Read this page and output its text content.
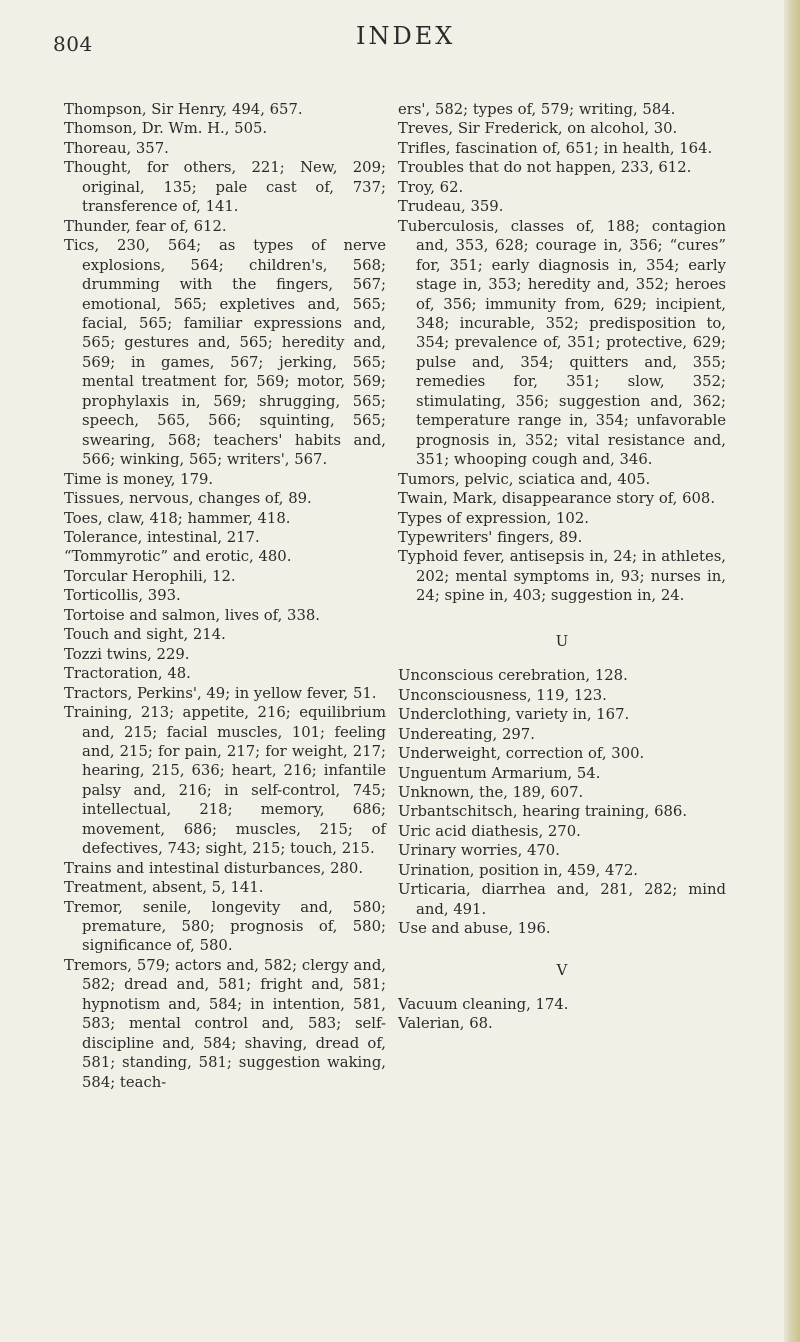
804	INDEX

Thompson, Sir Henry, 494, 657.

Thomson, Dr. Wm. H., 505.

Thoreau, 357.

Thought, for others, 221; New, 209; original, 135; pale cast of, 737; transference of, 141.

Thunder, fear of, 612.

Tics, 230, 564; as types of nerve explosions, 564; children's, 568; drumming with the fingers, 567; emotional, 565; expletives and, 565; facial, 565; familiar expressions and, 565; gestures and, 565; heredity and, 569; in games, 567; jerking, 565; mental treatment for, 569; motor, 569; prophylaxis in, 569; shrugging, 565; speech, 565, 566; squinting, 565; swearing, 568; teachers' habits and, 566; winking, 565; writers', 567.

Time is money, 179.

Tissues, nervous, changes of, 89.

Toes, claw, 418; hammer, 418.

Tolerance, intestinal, 217.

“Tommyrotic” and erotic, 480.

Torcular Herophili, 12.

Torticollis, 393.

Tortoise and salmon, lives of, 338.

Touch and sight, 214.

Tozzi twins, 229.

Tractoration, 48.

Tractors, Perkins', 49; in yellow fever, 51.

Training, 213; appetite, 216; equilibrium and, 215; facial muscles, 101; feeling and, 215; for pain, 217; for weight, 217; hearing, 215, 636; heart, 216; infantile palsy and, 216; in self-control, 745; intellectual, 218; memory, 686; movement, 686; muscles, 215; of defectives, 743; sight, 215; touch, 215.

Trains and intestinal disturbances, 280.

Treatment, absent, 5, 141.

Tremor, senile, longevity and, 580; premature, 580; prognosis of, 580; significance of, 580.

Tremors, 579; actors and, 582; clergy and, 582; dread and, 581; fright and, 581; hypnotism and, 584; in intention, 581, 583; mental control and, 583; self-discipline and, 584; shaving, dread of, 581; standing, 581; suggestion waking, 584; teach-

ers', 582; types of, 579; writing, 584.

Treves, Sir Frederick, on alcohol, 30.

Trifles, fascination of, 651; in health, 164.

Troubles that do not happen, 233, 612.

Troy, 62.

Trudeau, 359.

Tuberculosis, classes of, 188; contagion and, 353, 628; courage in, 356; “cures” for, 351; early diagnosis in, 354; early stage in, 353; heredity and, 352; heroes of, 356; immunity from, 629; incipient, 348; incurable, 352; predisposition to, 354; prevalence of, 351; protective, 629; pulse and, 354; quitters and, 355; remedies for, 351; slow, 352; stimulating, 356; suggestion and, 362; temperature range in, 354; unfavorable prognosis in, 352; vital resistance and, 351; whooping cough and, 346.

Tumors, pelvic, sciatica and, 405.

Twain, Mark, disappearance story of, 608.

Types of expression, 102.

Typewriters' fingers, 89.

Typhoid fever, antisepsis in, 24; in athletes, 202; mental symptoms in, 93; nurses in, 24; spine in, 403; suggestion in, 24.

U

Unconscious cerebration, 128.

Unconsciousness, 119, 123.

Underclothing, variety in, 167.

Undereating, 297.

Underweight, correction of, 300.

Unguentum Armarium, 54.

Unknown, the, 189, 607.

Urbantschitsch, hearing training, 686.

Uric acid diathesis, 270.

Urinary worries, 470.

Urination, position in, 459, 472.

Urticaria, diarrhea and, 281, 282; mind and, 491.

Use and abuse, 196.

V

Vacuum cleaning, 174.

Valerian, 68.
